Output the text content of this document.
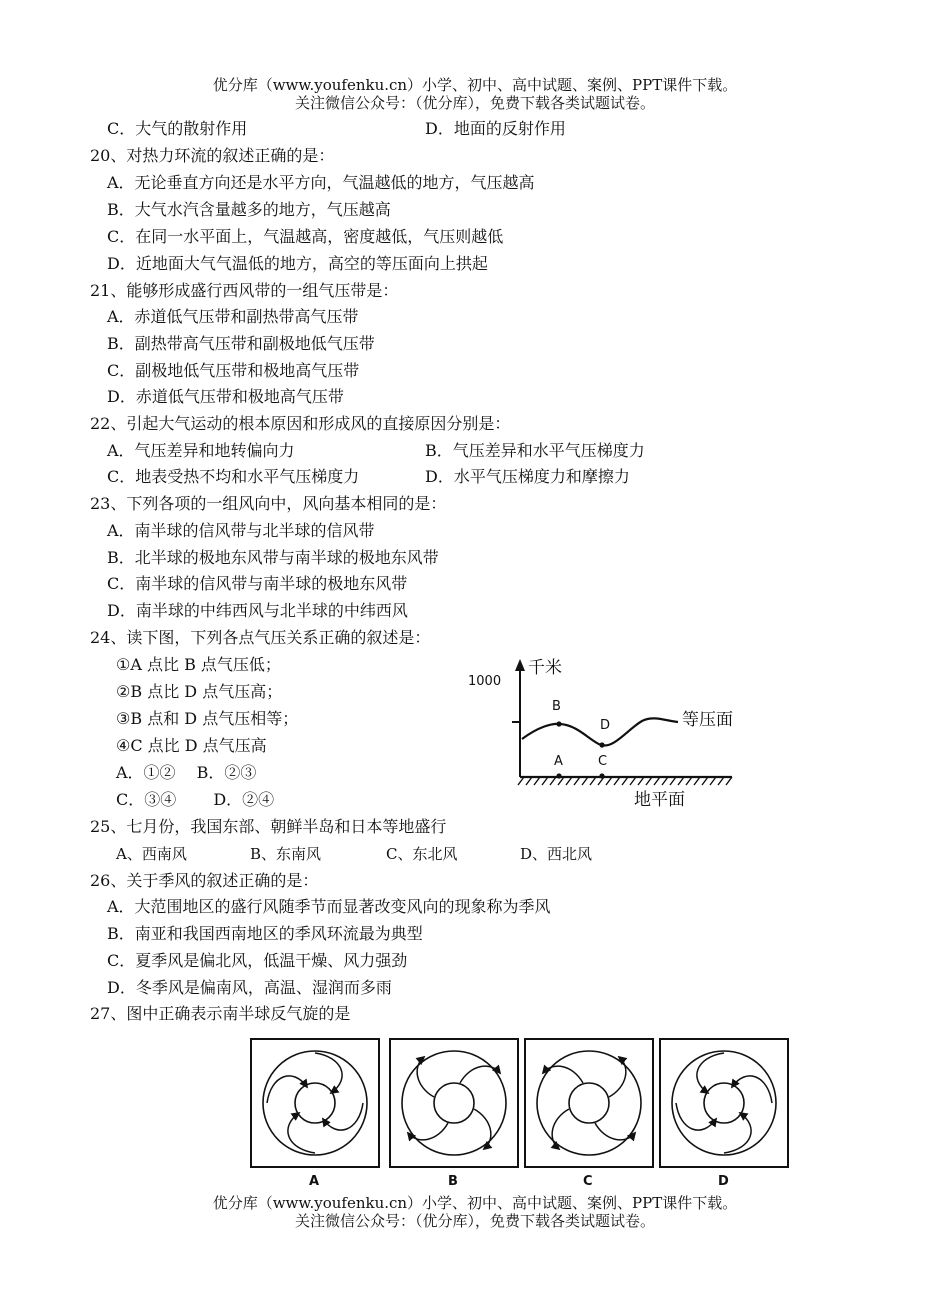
优分库（www.youfenku.cn）小学、初中、高中试题、案例、PPT课件下载。
关注微信公众号：（优分库），免费下载各类试题试卷。
C．大气的散射作用	D．地面的反射作用
20、对热力环流的叙述正确的是：
A．无论垂直方向还是水平方向，气温越低的地方，气压越高
B．大气水汽含量越多的地方，气压越高
C．在同一水平面上，气温越高，密度越低，气压则越低
D．近地面大气气温低的地方，高空的等压面向上拱起
21、能够形成盛行西风带的一组气压带是：
A．赤道低气压带和副热带高气压带
B．副热带高气压带和副极地低气压带
C．副极地低气压带和极地高气压带
D．赤道低气压带和极地高气压带
22、引起大气运动的根本原因和形成风的直接原因分别是：
A．气压差异和地转偏向力	B．气压差异和水平气压梯度力
C．地表受热不均和水平气压梯度力	D．水平气压梯度力和摩擦力
23、下列各项的一组风向中，风向基本相同的是：
A．南半球的信风带与北半球的信风带
B．北半球的极地东风带与南半球的极地东风带
C．南半球的信风带与南半球的极地东风带
D．南半球的中纬西风与北半球的中纬西风
24、读下图，下列各点气压关系正确的叙述是：
①A 点比 B 点气压低；
②B 点比 D 点气压高；
③B 点和 D 点气压相等；
④C 点比 D 点气压高
A．①②　 B．②③
C．③④　　 D．②④
1000
千米
等压面
B
D
A	C
地平面
25、七月份，我国东部、朝鲜半岛和日本等地盛行
A、西南风	B、东南风	C、东北风	D、西北风
26、关于季风的叙述正确的是：
A．大范围地区的盛行风随季节而显著改变风向的现象称为季风
B．南亚和我国西南地区的季风环流最为典型
C．夏季风是偏北风，低温干燥、风力强劲
D．冬季风是偏南风，高温、湿润而多雨
27、图中正确表示南半球反气旋的是
A	B	C	D
优分库（www.youfenku.cn）小学、初中、高中试题、案例、PPT课件下载。
关注微信公众号：（优分库），免费下载各类试题试卷。
